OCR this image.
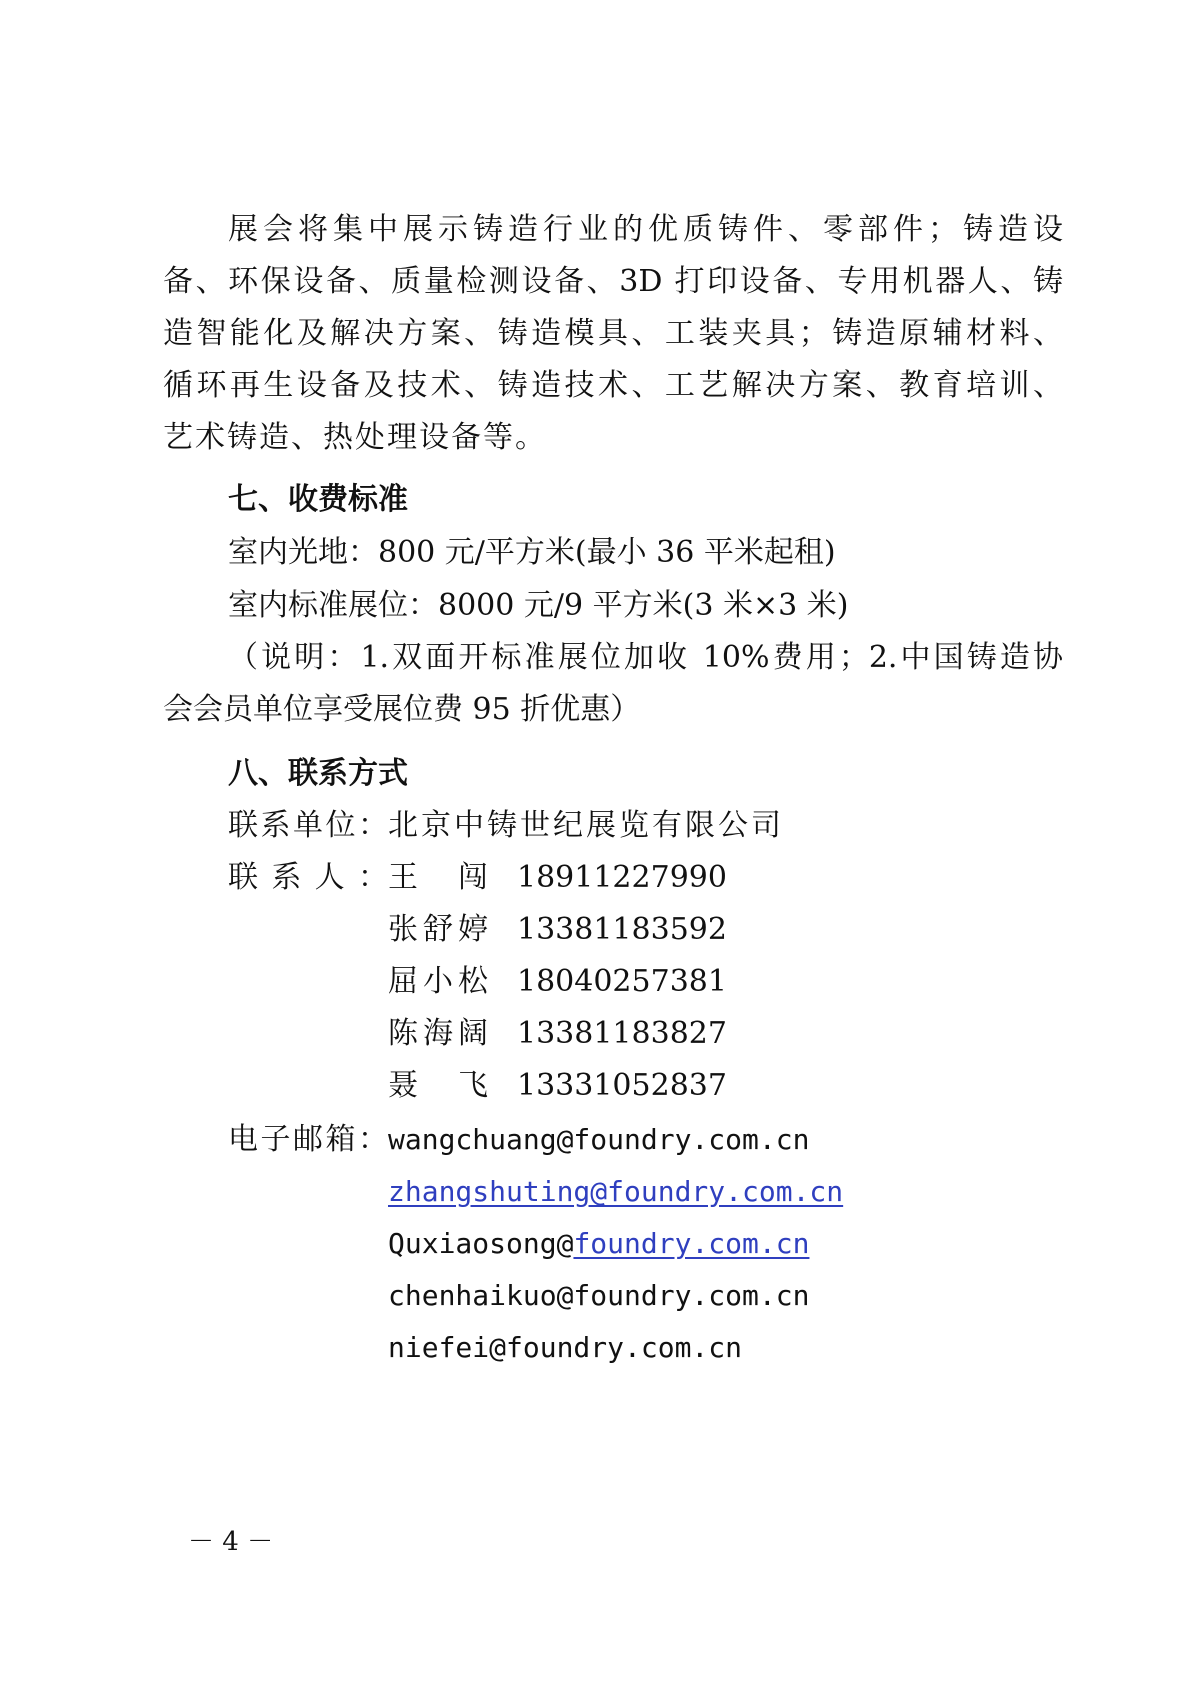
展会将集中展示铸造行业的优质铸件、零部件；铸造设
备、环保设备、质量检测设备、3D 打印设备、专用机器人、铸
造智能化及解决方案、铸造模具、工装夹具；铸造原辅材料、
循环再生设备及技术、铸造技术、工艺解决方案、教育培训、
艺术铸造、热处理设备等。
七、收费标准
室内光地：800 元/平方米(最小 36 平米起租)
室内标准展位：8000 元/9 平方米(3 米×3 米)
（说明：1.双面开标准展位加收 10%费用；2.中国铸造协
会会员单位享受展位费 95 折优惠）
八、联系方式
联系单位： 北京中铸世纪展览有限公司
联系人： 王闯 18911227990
张舒婷 13381183592
屈小松 18040257381
陈海阔 13381183827
聂飞 13331052837
电子邮箱： wangchuang@foundry.com.cn
zhangshuting@foundry.com.cn
Quxiaosong@foundry.com.cn
chenhaikuo@foundry.com.cn
niefei@foundry.com.cn
－ 4 －
